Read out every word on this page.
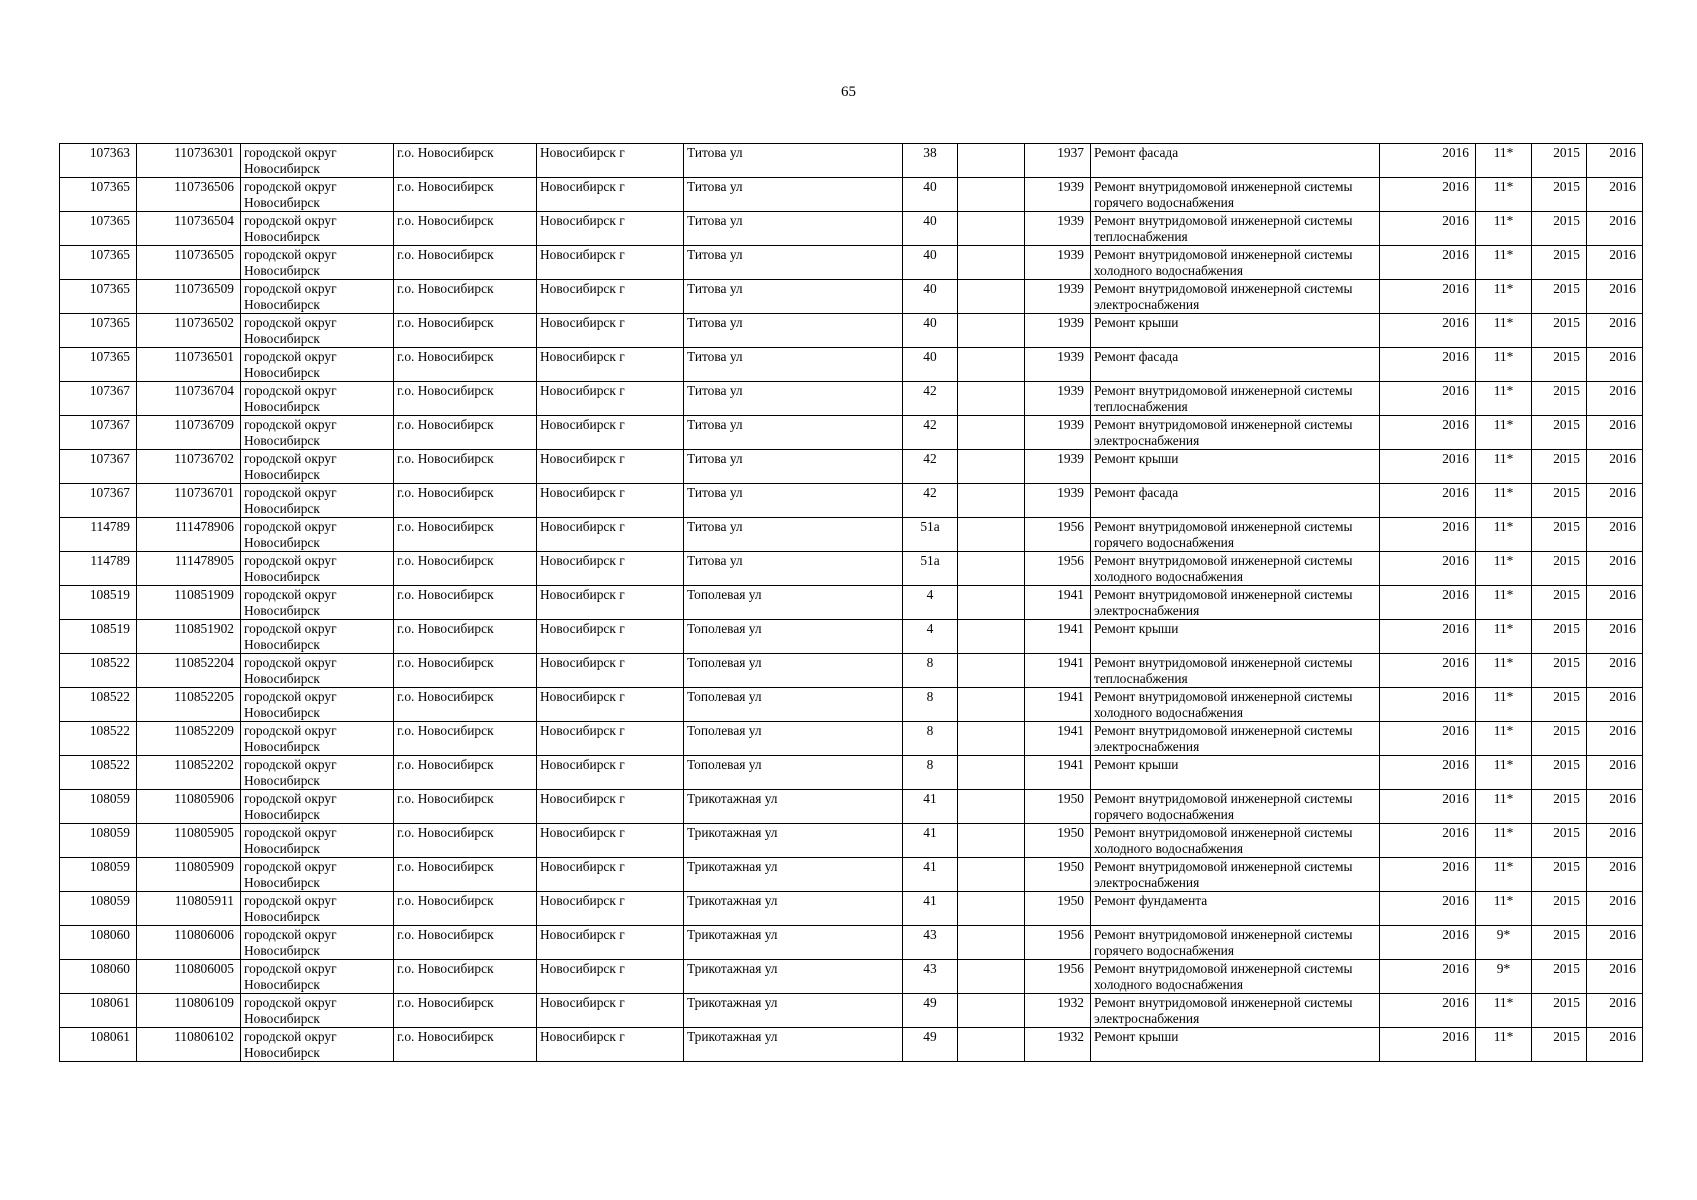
65
107363	110736301	городской округ Новосибирск	г.о. Новосибирск	Новосибирск г	Титова ул	38		1937	Ремонт фасада	2016	11*	2015	2016
107365	110736506	городской округ Новосибирск	г.о. Новосибирск	Новосибирск г	Титова ул	40		1939	Ремонт внутридомовой инженерной системы горячего водоснабжения	2016	11*	2015	2016
107365	110736504	городской округ Новосибирск	г.о. Новосибирск	Новосибирск г	Титова ул	40		1939	Ремонт внутридомовой инженерной системы теплоснабжения	2016	11*	2015	2016
107365	110736505	городской округ Новосибирск	г.о. Новосибирск	Новосибирск г	Титова ул	40		1939	Ремонт внутридомовой инженерной системы холодного водоснабжения	2016	11*	2015	2016
107365	110736509	городской округ Новосибирск	г.о. Новосибирск	Новосибирск г	Титова ул	40		1939	Ремонт внутридомовой инженерной системы электроснабжения	2016	11*	2015	2016
107365	110736502	городской округ Новосибирск	г.о. Новосибирск	Новосибирск г	Титова ул	40		1939	Ремонт крыши	2016	11*	2015	2016
107365	110736501	городской округ Новосибирск	г.о. Новосибирск	Новосибирск г	Титова ул	40		1939	Ремонт фасада	2016	11*	2015	2016
107367	110736704	городской округ Новосибирск	г.о. Новосибирск	Новосибирск г	Титова ул	42		1939	Ремонт внутридомовой инженерной системы теплоснабжения	2016	11*	2015	2016
107367	110736709	городской округ Новосибирск	г.о. Новосибирск	Новосибирск г	Титова ул	42		1939	Ремонт внутридомовой инженерной системы электроснабжения	2016	11*	2015	2016
107367	110736702	городской округ Новосибирск	г.о. Новосибирск	Новосибирск г	Титова ул	42		1939	Ремонт крыши	2016	11*	2015	2016
107367	110736701	городской округ Новосибирск	г.о. Новосибирск	Новосибирск г	Титова ул	42		1939	Ремонт фасада	2016	11*	2015	2016
114789	111478906	городской округ Новосибирск	г.о. Новосибирск	Новосибирск г	Титова ул	51а		1956	Ремонт внутридомовой инженерной системы горячего водоснабжения	2016	11*	2015	2016
114789	111478905	городской округ Новосибирск	г.о. Новосибирск	Новосибирск г	Титова ул	51а		1956	Ремонт внутридомовой инженерной системы холодного водоснабжения	2016	11*	2015	2016
108519	110851909	городской округ Новосибирск	г.о. Новосибирск	Новосибирск г	Тополевая ул	4		1941	Ремонт внутридомовой инженерной системы электроснабжения	2016	11*	2015	2016
108519	110851902	городской округ Новосибирск	г.о. Новосибирск	Новосибирск г	Тополевая ул	4		1941	Ремонт крыши	2016	11*	2015	2016
108522	110852204	городской округ Новосибирск	г.о. Новосибирск	Новосибирск г	Тополевая ул	8		1941	Ремонт внутридомовой инженерной системы теплоснабжения	2016	11*	2015	2016
108522	110852205	городской округ Новосибирск	г.о. Новосибирск	Новосибирск г	Тополевая ул	8		1941	Ремонт внутридомовой инженерной системы холодного водоснабжения	2016	11*	2015	2016
108522	110852209	городской округ Новосибирск	г.о. Новосибирск	Новосибирск г	Тополевая ул	8		1941	Ремонт внутридомовой инженерной системы электроснабжения	2016	11*	2015	2016
108522	110852202	городской округ Новосибирск	г.о. Новосибирск	Новосибирск г	Тополевая ул	8		1941	Ремонт крыши	2016	11*	2015	2016
108059	110805906	городской округ Новосибирск	г.о. Новосибирск	Новосибирск г	Трикотажная ул	41		1950	Ремонт внутридомовой инженерной системы горячего водоснабжения	2016	11*	2015	2016
108059	110805905	городской округ Новосибирск	г.о. Новосибирск	Новосибирск г	Трикотажная ул	41		1950	Ремонт внутридомовой инженерной системы холодного водоснабжения	2016	11*	2015	2016
108059	110805909	городской округ Новосибирск	г.о. Новосибирск	Новосибирск г	Трикотажная ул	41		1950	Ремонт внутридомовой инженерной системы электроснабжения	2016	11*	2015	2016
108059	110805911	городской округ Новосибирск	г.о. Новосибирск	Новосибирск г	Трикотажная ул	41		1950	Ремонт фундамента	2016	11*	2015	2016
108060	110806006	городской округ Новосибирск	г.о. Новосибирск	Новосибирск г	Трикотажная ул	43		1956	Ремонт внутридомовой инженерной системы горячего водоснабжения	2016	9*	2015	2016
108060	110806005	городской округ Новосибирск	г.о. Новосибирск	Новосибирск г	Трикотажная ул	43		1956	Ремонт внутридомовой инженерной системы холодного водоснабжения	2016	9*	2015	2016
108061	110806109	городской округ Новосибирск	г.о. Новосибирск	Новосибирск г	Трикотажная ул	49		1932	Ремонт внутридомовой инженерной системы электроснабжения	2016	11*	2015	2016
108061	110806102	городской округ Новосибирск	г.о. Новосибирск	Новосибирск г	Трикотажная ул	49		1932	Ремонт крыши	2016	11*	2015	2016
